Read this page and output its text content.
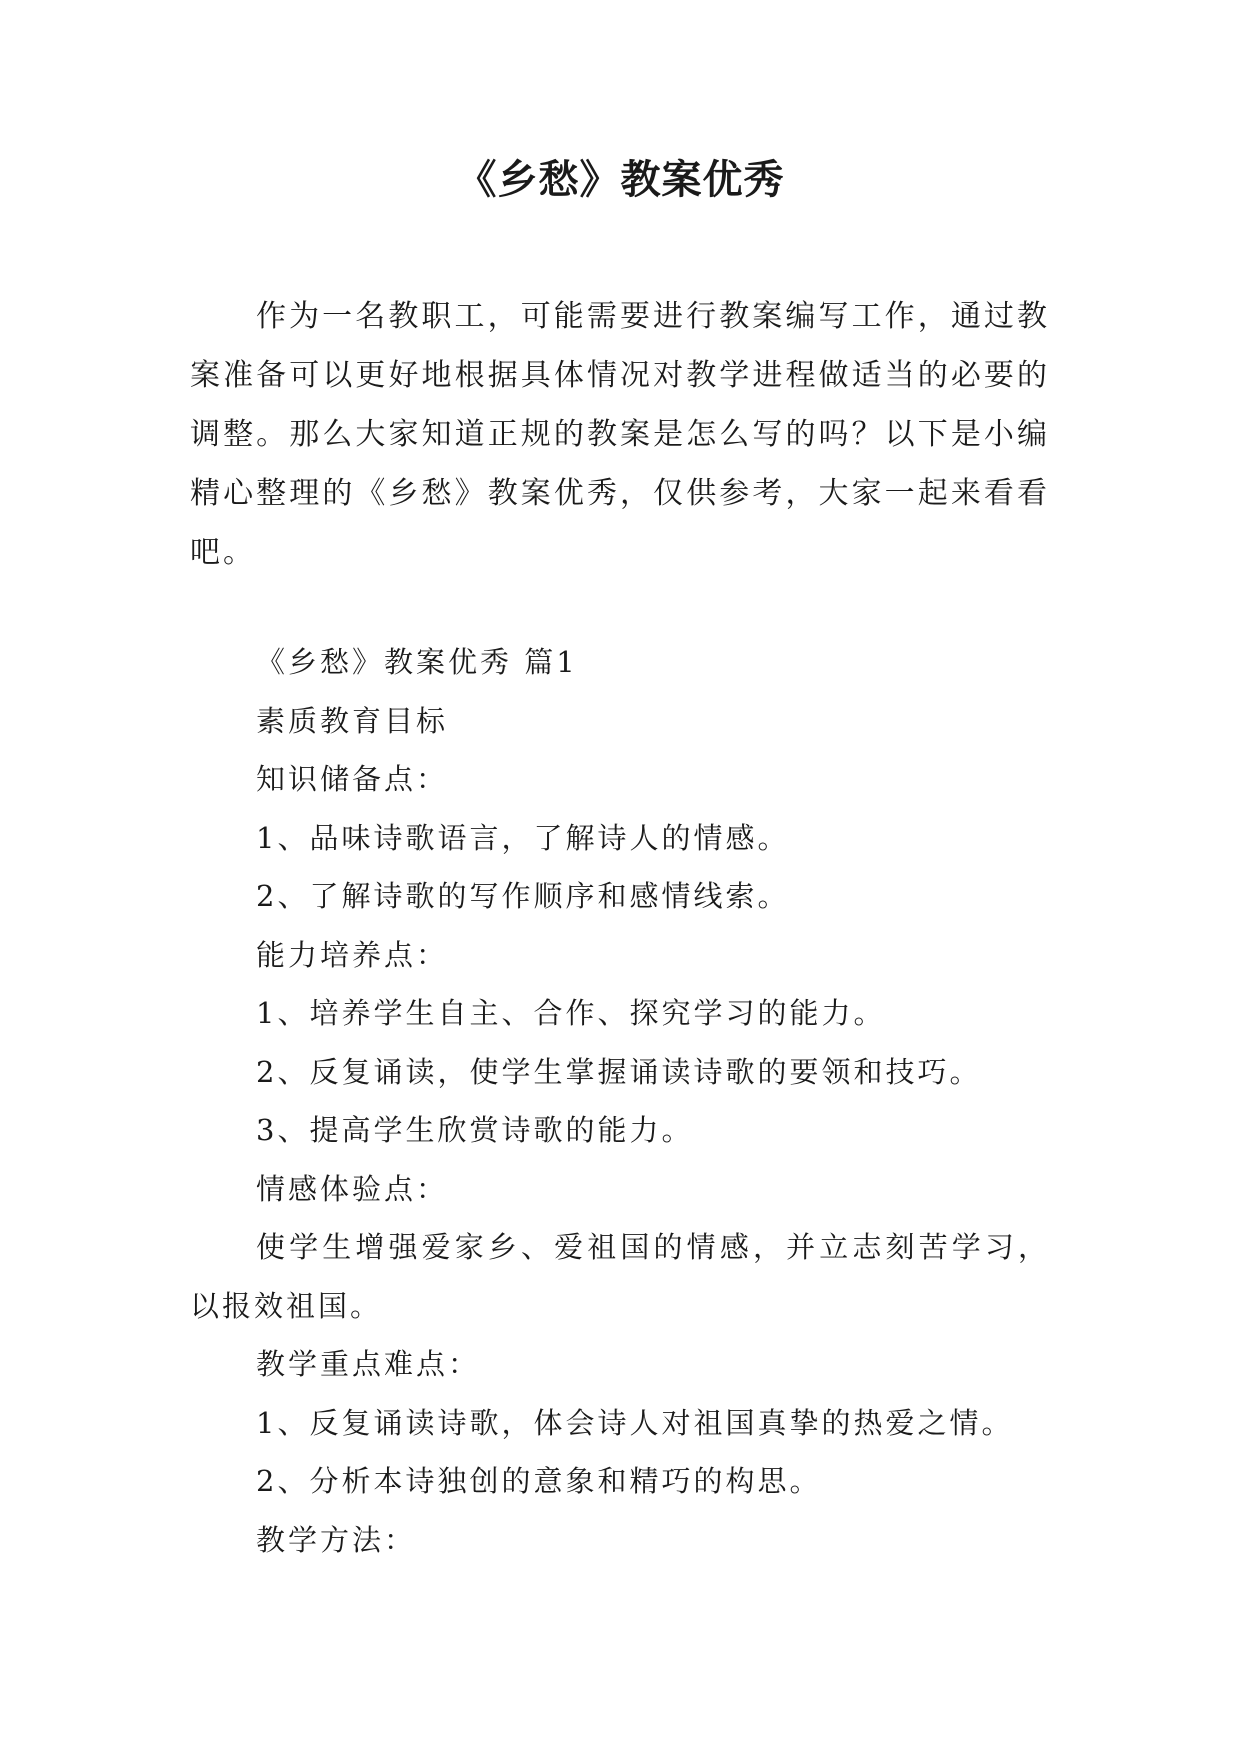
《乡愁》教案优秀

作为一名教职工，可能需要进行教案编写工作，通过教案准备可以更好地根据具体情况对教学进程做适当的必要的调整。那么大家知道正规的教案是怎么写的吗？以下是小编精心整理的《乡愁》教案优秀，仅供参考，大家一起来看看吧。

《乡愁》教案优秀 篇1

素质教育目标

知识储备点：

1、品味诗歌语言，了解诗人的情感。

2、了解诗歌的写作顺序和感情线索。

能力培养点：

1、培养学生自主、合作、探究学习的能力。

2、反复诵读，使学生掌握诵读诗歌的要领和技巧。

3、提高学生欣赏诗歌的能力。

情感体验点：

使学生增强爱家乡、爱祖国的情感，并立志刻苦学习，以报效祖国。

教学重点难点：

1、反复诵读诗歌，体会诗人对祖国真挚的热爱之情。

2、分析本诗独创的意象和精巧的构思。

教学方法：
